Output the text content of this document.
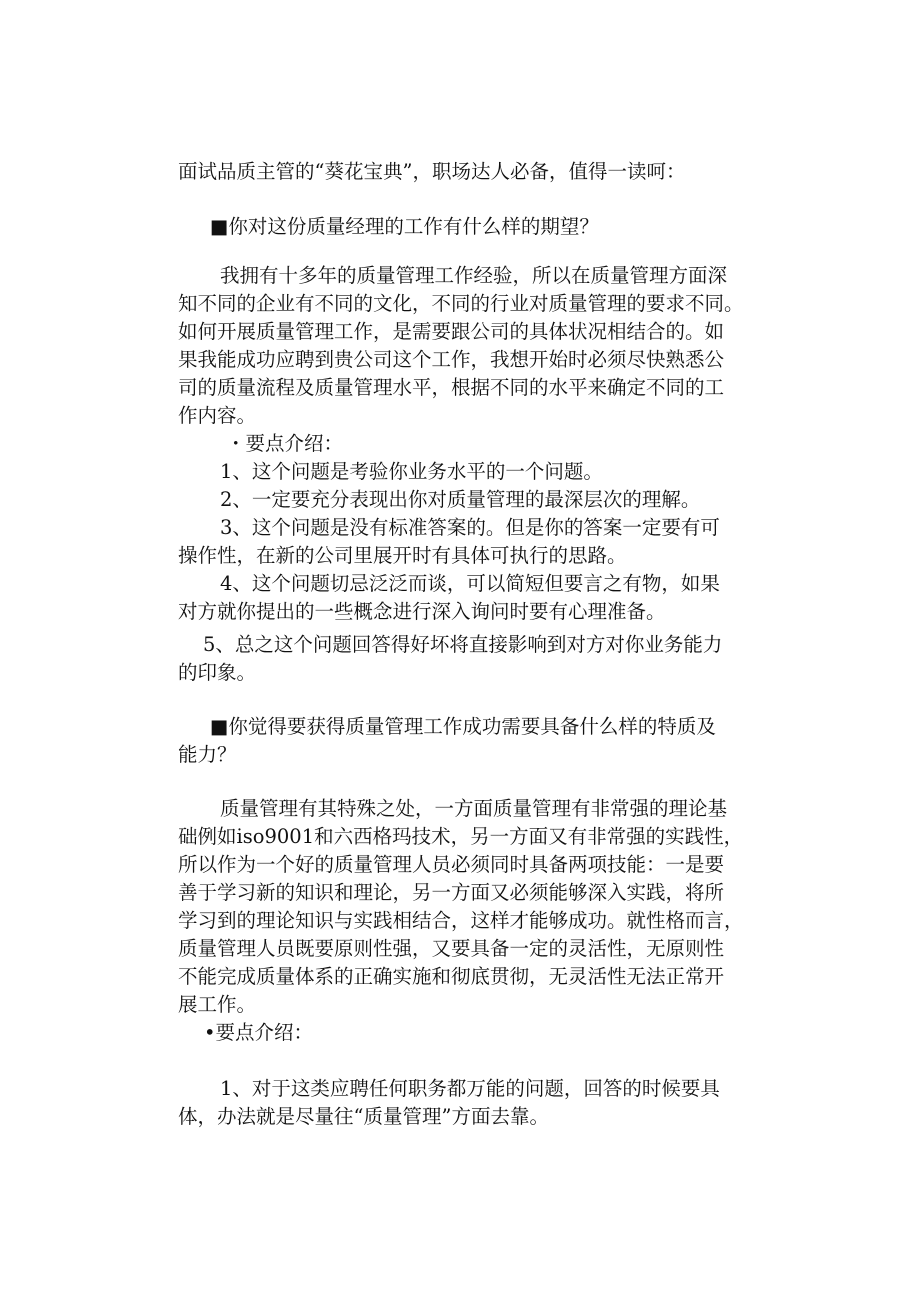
面试品质主管的“葵花宝典”，职场达人必备，值得一读呵：

■你对这份质量经理的工作有什么样的期望？

我拥有十多年的质量管理工作经验，所以在质量管理方面深

知不同的企业有不同的文化，不同的行业对质量管理的要求不同。

如何开展质量管理工作，是需要跟公司的具体状况相结合的。如

果我能成功应聘到贵公司这个工作，我想开始时必须尽快熟悉公

司的质量流程及质量管理水平，根据不同的水平来确定不同的工

作内容。

・要点介绍：

1、这个问题是考验你业务水平的一个问题。

2、一定要充分表现出你对质量管理的最深层次的理解。

3、这个问题是没有标准答案的。但是你的答案一定要有可

操作性，在新的公司里展开时有具体可执行的思路。

4、这个问题切忌泛泛而谈，可以简短但要言之有物，如果

对方就你提出的一些概念进行深入询问时要有心理准备。

5、总之这个问题回答得好坏将直接影响到对方对你业务能力

的印象。

■你觉得要获得质量管理工作成功需要具备什么样的特质及

能力？

质量管理有其特殊之处，一方面质量管理有非常强的理论基

础例如iso9001和六西格玛技术，另一方面又有非常强的实践性，

所以作为一个好的质量管理人员必须同时具备两项技能：一是要

善于学习新的知识和理论，另一方面又必须能够深入实践，将所

学习到的理论知识与实践相结合，这样才能够成功。就性格而言，

质量管理人员既要原则性强，又要具备一定的灵活性，无原则性

不能完成质量体系的正确实施和彻底贯彻，无灵活性无法正常开

展工作。

•要点介绍：

1、对于这类应聘任何职务都万能的问题，回答的时候要具

体，办法就是尽量往“质量管理”方面去靠。
